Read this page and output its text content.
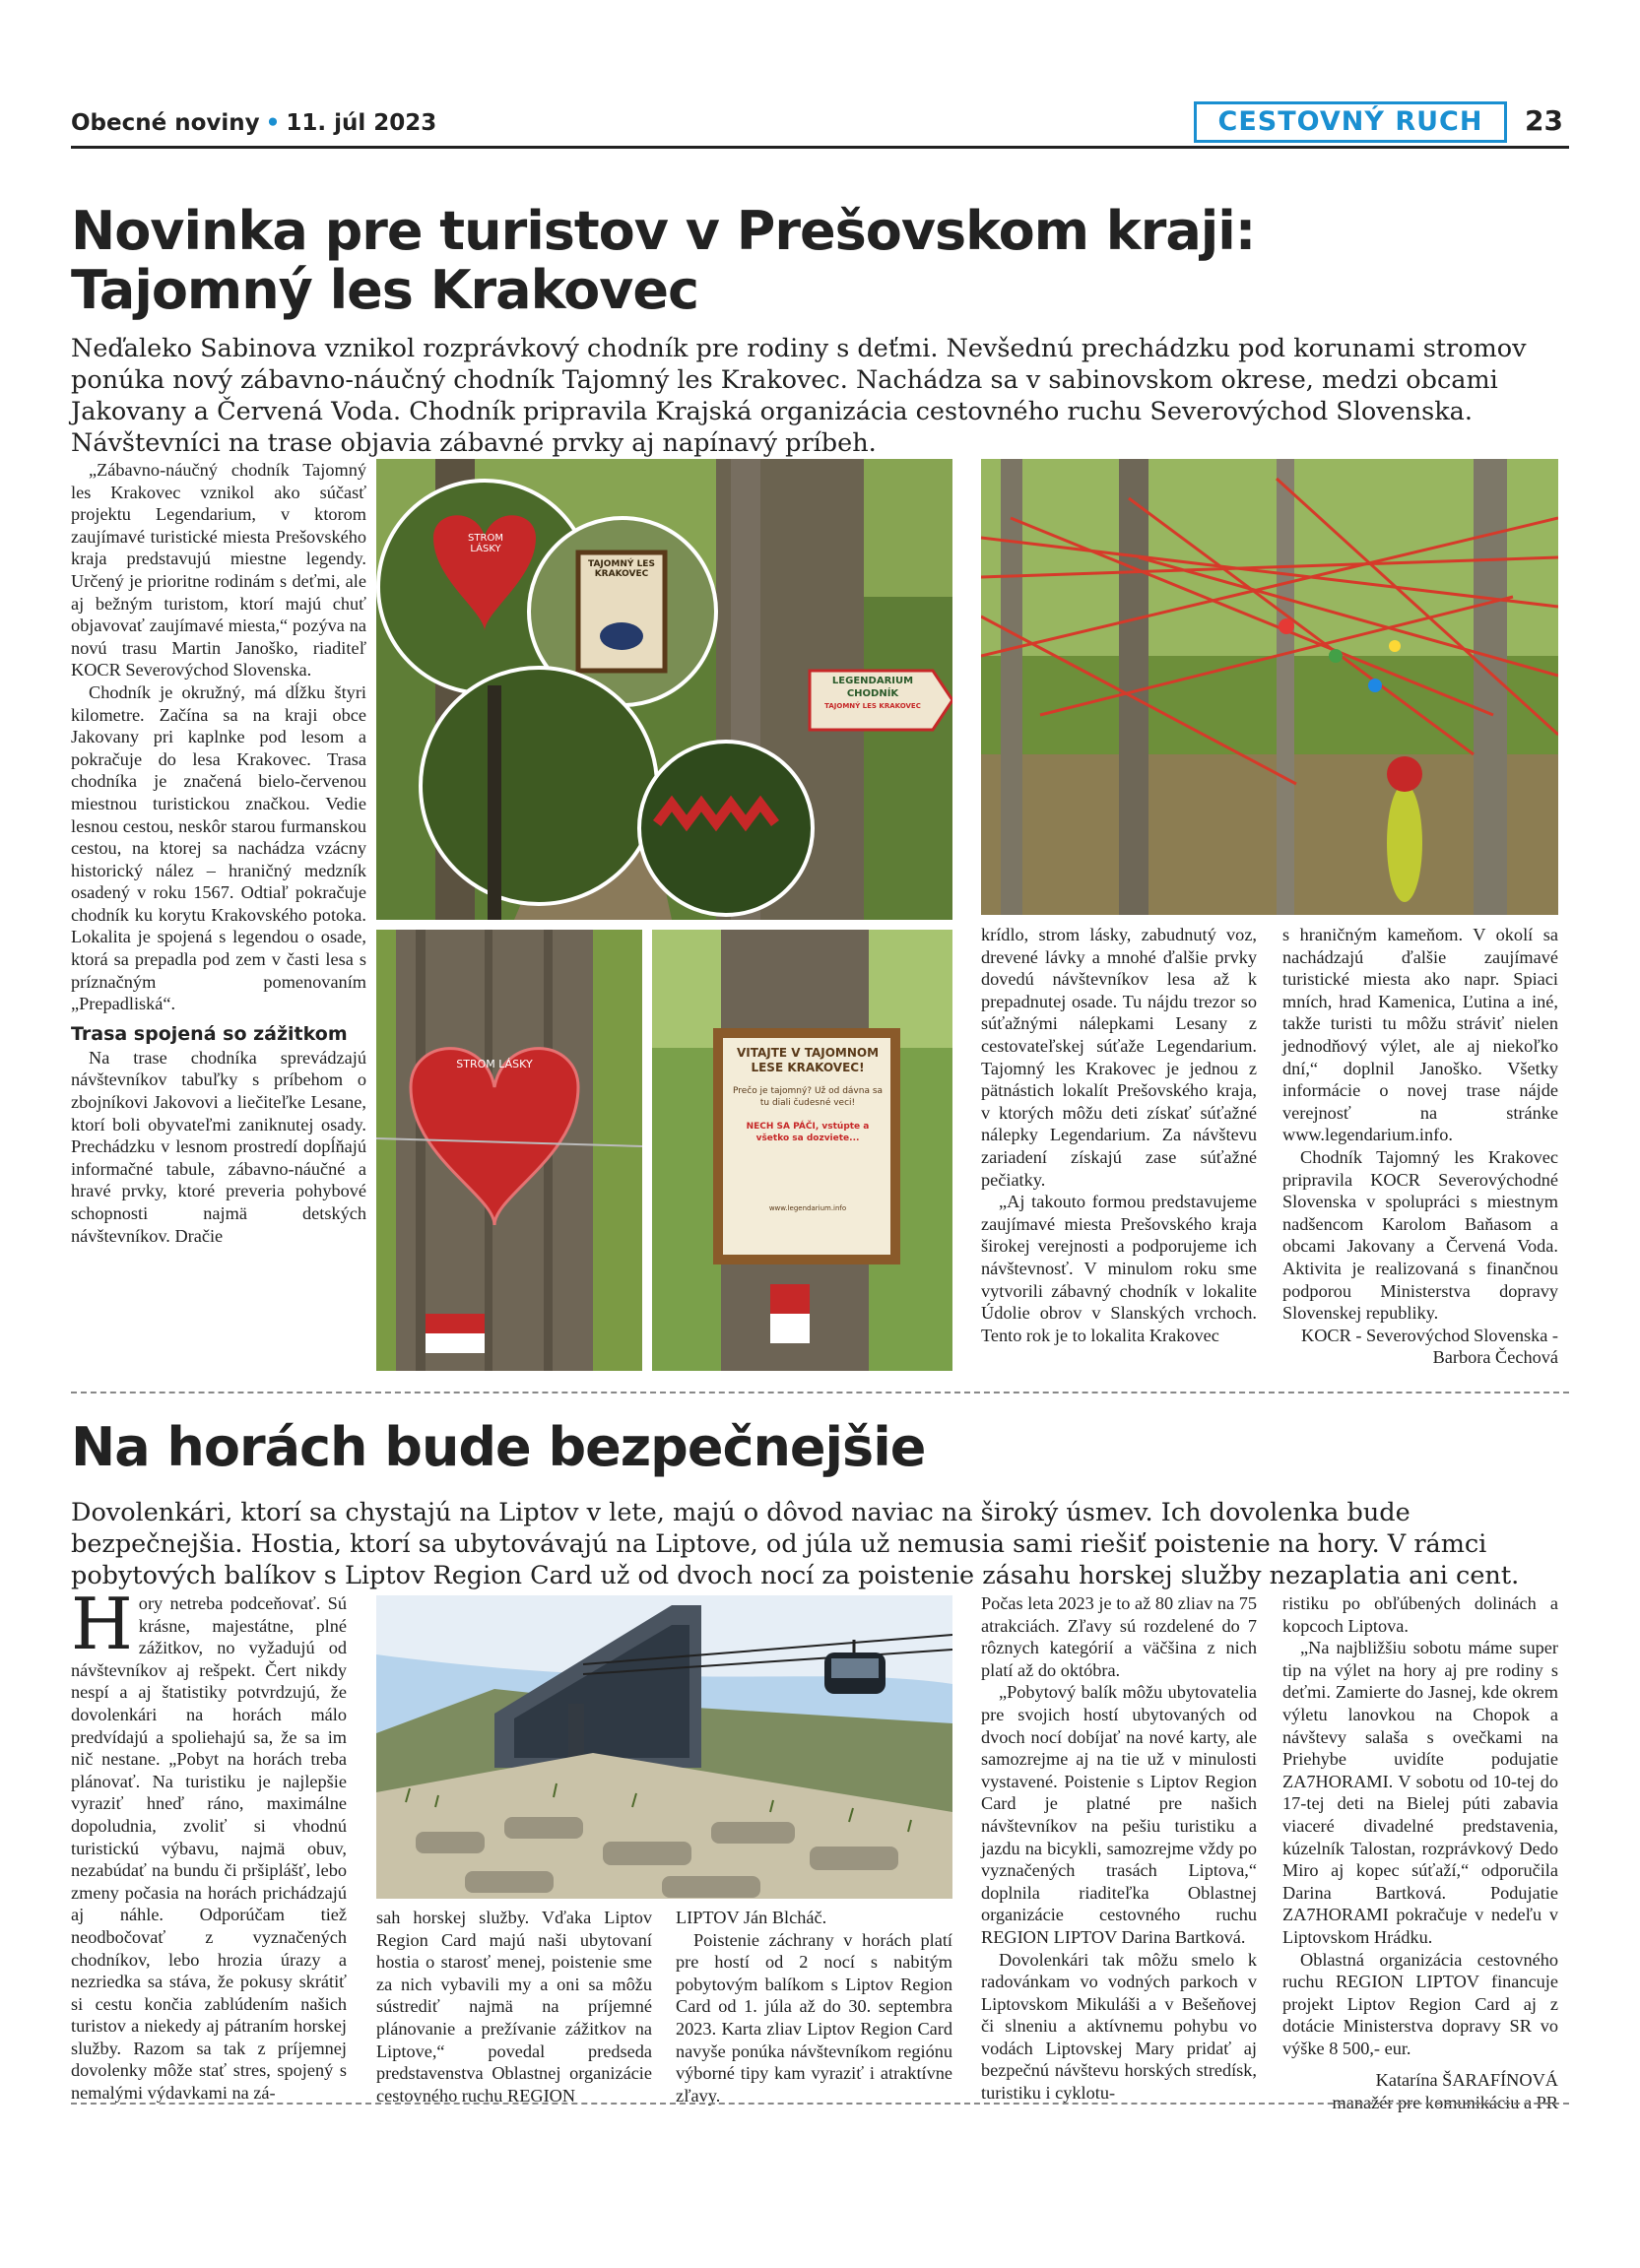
Obecné noviny • 11. júl 2023	CESTOVNÝ RUCH	23
Novinka pre turistov v Prešovskom kraji:
Tajomný les Krakovec
Neďaleko Sabinova vznikol rozprávkový chodník pre rodiny s deťmi. Nevšednú prechádzku pod korunami stromov ponúka nový zábavno-náučný chodník Tajomný les Krakovec. Nachádza sa v sabinovskom okrese, medzi obcami Jakovany a Červená Voda. Chodník pripravila Krajská organizácia cestovného ruchu Severovýchod Slovenska. Návštevníci na trase objavia zábavné prvky aj napínavý príbeh.

„Zábavno-náučný chodník Tajomný les Krakovec vznikol ako súčasť projektu Legendarium, v ktorom zaujímavé turistické miesta Prešovského kraja predstavujú miestne legendy. Určený je prioritne rodinám s deťmi, ale aj bežným turistom, ktorí majú chuť objavovať zaujímavé miesta,“ pozýva na novú trasu Martin Janoško, riaditeľ KOCR Severovýchod Slovenska.

Chodník je okružný, má dĺžku štyri kilometre. Začína sa na kraji obce Jakovany pri kaplnke pod lesom a pokračuje do lesa Krakovec. Trasa chodníka je značená bielo-červenou miestnou turistickou značkou. Vedie lesnou cestou, neskôr starou furmanskou cestou, na ktorej sa nachádza vzácny historický nález – hraničný medzník osadený v roku 1567. Odtiaľ pokračuje chodník ku korytu Krakovského potoka. Lokalita je spojená s legendou o osade, ktorá sa prepadla pod zem v časti lesa s príznačným pomenovaním „Prepadliská“.

Trasa spojená so zážitkom

Na trase chodníka sprevádzajú návštevníkov tabuľky s príbehom o zbojníkovi Jakovovi a liečiteľke Lesane, ktorí boli obyvateľmi zaniknutej osady. Prechádzku v lesnom prostredí dopĺňajú informačné tabule, zábavno-náučné a hravé prvky, ktoré preveria pohybové schopnosti najmä detských návštevníkov. Dračie

STROM LÁSKY
TAJOMNÝ LES KRAKOVEC
LEGENDARIUM
CHODNÍK
TAJOMNÝ LES KRAKOVEC
STROM LÁSKY
VITAJTE V TAJOMNOM LESE KRAKOVEC!
Prečo je tajomný? Už od dávna sa tu diali čudesné veci!
NECH SA PÁČI, vstúpte a všetko sa dozviete...
www.legendarium.info

krídlo, strom lásky, zabudnutý voz, drevené lávky a mnohé ďalšie prvky dovedú návštevníkov lesa až k prepadnutej osade. Tu nájdu trezor so súťažnými nálepkami Lesany z cestovateľskej súťaže Legendarium. Tajomný les Krakovec je jednou z pätnástich lokalít Prešovského kraja, v ktorých môžu deti získať súťažné nálepky Legendarium. Za návštevu zariadení získajú zase súťažné pečiatky.

„Aj takouto formou predstavujeme zaujímavé miesta Prešovského kraja širokej verejnosti a podporujeme ich návštevnosť. V minulom roku sme vytvorili zábavný chodník v lokalite Údolie obrov v Slanských vrchoch. Tento rok je to lokalita Krakovec

s hraničným kameňom. V okolí sa nachádzajú ďalšie zaujímavé turistické miesta ako napr. Spiaci mních, hrad Kamenica, Ľutina a iné, takže turisti tu môžu stráviť nielen jednodňový výlet, ale aj niekoľko dní,“ doplnil Janoško. Všetky informácie o novej trase nájde verejnosť na stránke www.legendarium.info.

Chodník Tajomný les Krakovec pripravila KOCR Severovýchodné Slovenska v spolupráci s miestnym nadšencom Karolom Baňasom a obcami Jakovany a Červená Voda. Aktivita je realizovaná s finančnou podporou Ministerstva dopravy Slovenskej republiky.

KOCR - Severovýchod Slovenska - Barbora Čechová

Na horách bude bezpečnejšie
Dovolenkári, ktorí sa chystajú na Liptov v lete, majú o dôvod naviac na široký úsmev. Ich dovolenka bude bezpečnejšia. Hostia, ktorí sa ubytovávajú na Liptove, od júla už nemusia sami riešiť poistenie na hory. V rámci pobytových balíkov s Liptov Region Card už od dvoch nocí za poistenie zásahu horskej služby nezaplatia ani cent.
Hory netreba podceňovať. Sú krásne, majestátne, plné zážitkov, no vyžadujú od návštevníkov aj rešpekt. Čert nikdy nespí a aj štatistiky potvrdzujú, že dovolenkári na horách málo predvídajú a spoliehajú sa, že sa im nič nestane. „Pobyt na horách treba plánovať. Na turistiku je najlepšie vyraziť hneď ráno, maximálne dopoludnia, zvoliť si vhodnú turistickú výbavu, najmä obuv, nezabúdať na bundu či pršiplášť, lebo zmeny počasia na horách prichádzajú aj náhle. Odporúčam tiež neodbočovať z vyznačených chodníkov, lebo hrozia úrazy a nezriedka sa stáva, že pokusy skrátiť si cestu končia zablúdením našich turistov a niekedy aj pátraním horskej služby. Razom sa tak z príjemnej dovolenky môže stať stres, spojený s nemalými výdavkami na zá-

sah horskej služby. Vďaka Liptov Region Card majú naši ubytovaní hostia o starosť menej, poistenie sme za nich vybavili my a oni sa môžu sústrediť najmä na príjemné plánovanie a prežívanie zážitkov na Liptove,“ povedal predseda predstavenstva Oblastnej organizácie cestovného ruchu REGION

LIPTOV Ján Blcháč.

Poistenie záchrany v horách platí pre hostí od 2 nocí s nabitým pobytovým balíkom s Liptov Region Card od 1. júla až do 30. septembra 2023. Karta zliav Liptov Region Card navyše ponúka návštevníkom regiónu výborné tipy kam vyraziť i atraktívne zľavy.

Počas leta 2023 je to až 80 zliav na 75 atrakciách. Zľavy sú rozdelené do 7 rôznych kategórií a väčšina z nich platí až do októbra.

„Pobytový balík môžu ubytovatelia pre svojich hostí ubytovaných od dvoch nocí dobíjať na nové karty, ale samozrejme aj na tie už v minulosti vystavené. Poistenie s Liptov Region Card je platné pre našich návštevníkov na pešiu turistiku a jazdu na bicykli, samozrejme vždy po vyznačených trasách Liptova,“ doplnila riaditeľka Oblastnej organizácie cestovného ruchu REGION LIPTOV Darina Bartková.

Dovolenkári tak môžu smelo k radovánkam vo vodných parkoch v Liptovskom Mikuláši a v Bešeňovej či slneniu a aktívnemu pohybu vo vodách Liptovskej Mary pridať aj bezpečnú návštevu horských stredísk, turistiku i cyklotu-

ristiku po obľúbených dolinách a kopcoch Liptova.

„Na najbližšiu sobotu máme super tip na výlet na hory aj pre rodiny s deťmi. Zamierte do Jasnej, kde okrem výletu lanovkou na Chopok a návštevy salaša s ovečkami na Priehybe uvidíte podujatie ZA7HORAMI. V sobotu od 10-tej do 17-tej deti na Bielej púti zabavia viaceré divadelné predstavenia, kúzelník Talostan, rozprávkový Dedo Miro aj kopec súťaží,“ odporučila Darina Bartková. Podujatie ZA7HORAMI pokračuje v nedeľu v Liptovskom Hrádku.

Oblastná organizácia cestovného ruchu REGION LIPTOV financuje projekt Liptov Region Card aj z dotácie Ministerstva dopravy SR vo výške 8 500,- eur.

Katarína ŠARAFÍNOVÁ

manažér pre komunikáciu a PR
